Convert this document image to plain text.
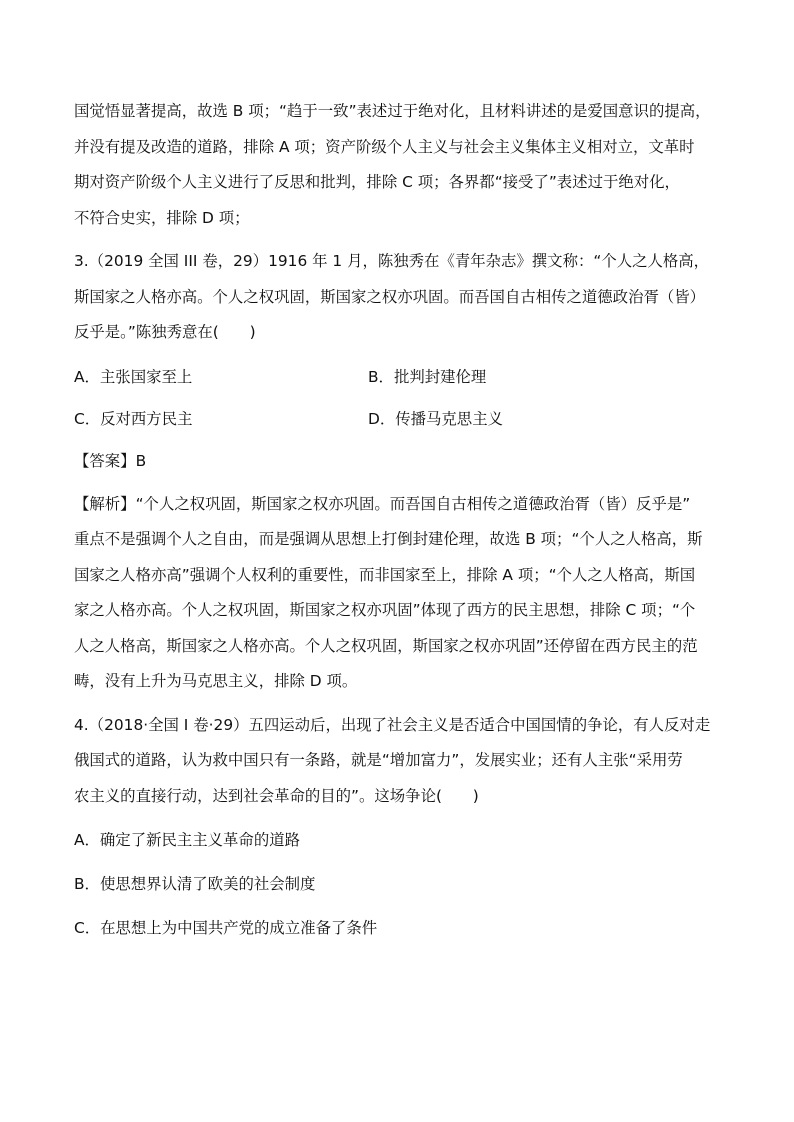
国觉悟显著提高，故选 B 项；“趋于一致”表述过于绝对化，且材料讲述的是爱国意识的提高，
并没有提及改造的道路，排除 A 项；资产阶级个人主义与社会主义集体主义相对立，文革时
期对资产阶级个人主义进行了反思和批判，排除 C 项；各界都“接受了”表述过于绝对化，
不符合史实，排除 D 项；
3.（2019 全国 III 卷，29）1916 年 1 月，陈独秀在《青年杂志》撰文称：“个人之人格高，
斯国家之人格亦高。个人之权巩固，斯国家之权亦巩固。而吾国自古相传之道德政治胥（皆）
反乎是。”陈独秀意在(　　)
A．主张国家至上	B．批判封建伦理
C．反对西方民主	D．传播马克思主义
【答案】B
【解析】“个人之权巩固，斯国家之权亦巩固。而吾国自古相传之道德政治胥（皆）反乎是”
重点不是强调个人之自由，而是强调从思想上打倒封建伦理，故选 B 项；“个人之人格高，斯
国家之人格亦高”强调个人权利的重要性，而非国家至上，排除 A 项；“个人之人格高，斯国
家之人格亦高。个人之权巩固，斯国家之权亦巩固”体现了西方的民主思想，排除 C 项；“个
人之人格高，斯国家之人格亦高。个人之权巩固，斯国家之权亦巩固”还停留在西方民主的范
畴，没有上升为马克思主义，排除 D 项。
4.（2018·全国 I 卷·29）五四运动后，出现了社会主义是否适合中国国情的争论，有人反对走
俄国式的道路，认为救中国只有一条路，就是“增加富力”，发展实业；还有人主张“采用劳
农主义的直接行动，达到社会革命的目的”。这场争论(　　)
A．确定了新民主主义革命的道路
B．使思想界认清了欧美的社会制度
C．在思想上为中国共产党的成立准备了条件
